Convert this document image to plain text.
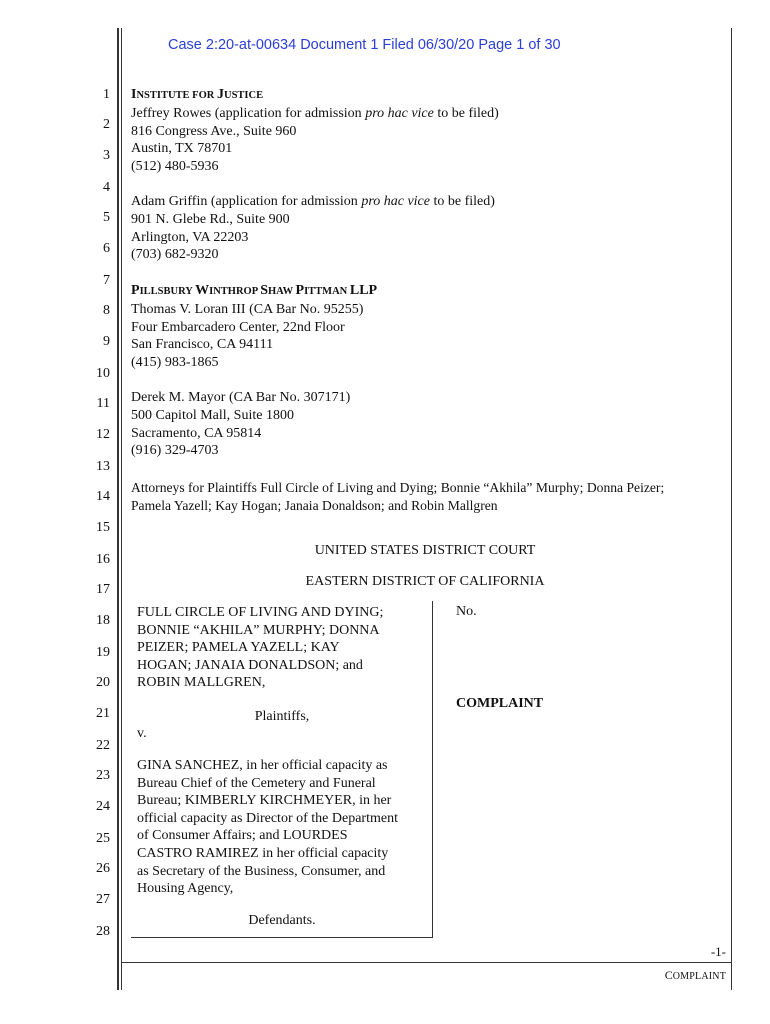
Case 2:20-at-00634 Document 1 Filed 06/30/20 Page 1 of 30
1
2
3
4
5
6
7
8
9
10
11
12
13
14
15
16
17
18
19
20
21
22
23
24
25
26
27
28
INSTITUTE FOR JUSTICE
Jeffrey Rowes (application for admission pro hac vice to be filed)
816 Congress Ave., Suite 960
Austin, TX 78701
(512) 480-5936
Adam Griffin (application for admission pro hac vice to be filed)
901 N. Glebe Rd., Suite 900
Arlington, VA 22203
(703) 682-9320
PILLSBURY WINTHROP SHAW PITTMAN LLP
Thomas V. Loran III (CA Bar No. 95255)
Four Embarcadero Center, 22nd Floor
San Francisco, CA 94111
(415) 983-1865
Derek M. Mayor (CA Bar No. 307171)
500 Capitol Mall, Suite 1800
Sacramento, CA 95814
(916) 329-4703
Attorneys for Plaintiffs Full Circle of Living and Dying; Bonnie “Akhila” Murphy; Donna Peizer;
Pamela Yazell; Kay Hogan; Janaia Donaldson; and Robin Mallgren
UNITED STATES DISTRICT COURT
EASTERN DISTRICT OF CALIFORNIA
FULL CIRCLE OF LIVING AND DYING;
BONNIE “AKHILA” MURPHY; DONNA
PEIZER; PAMELA YAZELL; KAY
HOGAN; JANAIA DONALDSON; and
ROBIN MALLGREN,
Plaintiffs,
v.
GINA SANCHEZ, in her official capacity as
Bureau Chief of the Cemetery and Funeral
Bureau; KIMBERLY KIRCHMEYER, in her
official capacity as Director of the Department
of Consumer Affairs; and LOURDES
CASTRO RAMIREZ in her official capacity
as Secretary of the Business, Consumer, and
Housing Agency,
Defendants.
No.
COMPLAINT
-1-
COMPLAINT
